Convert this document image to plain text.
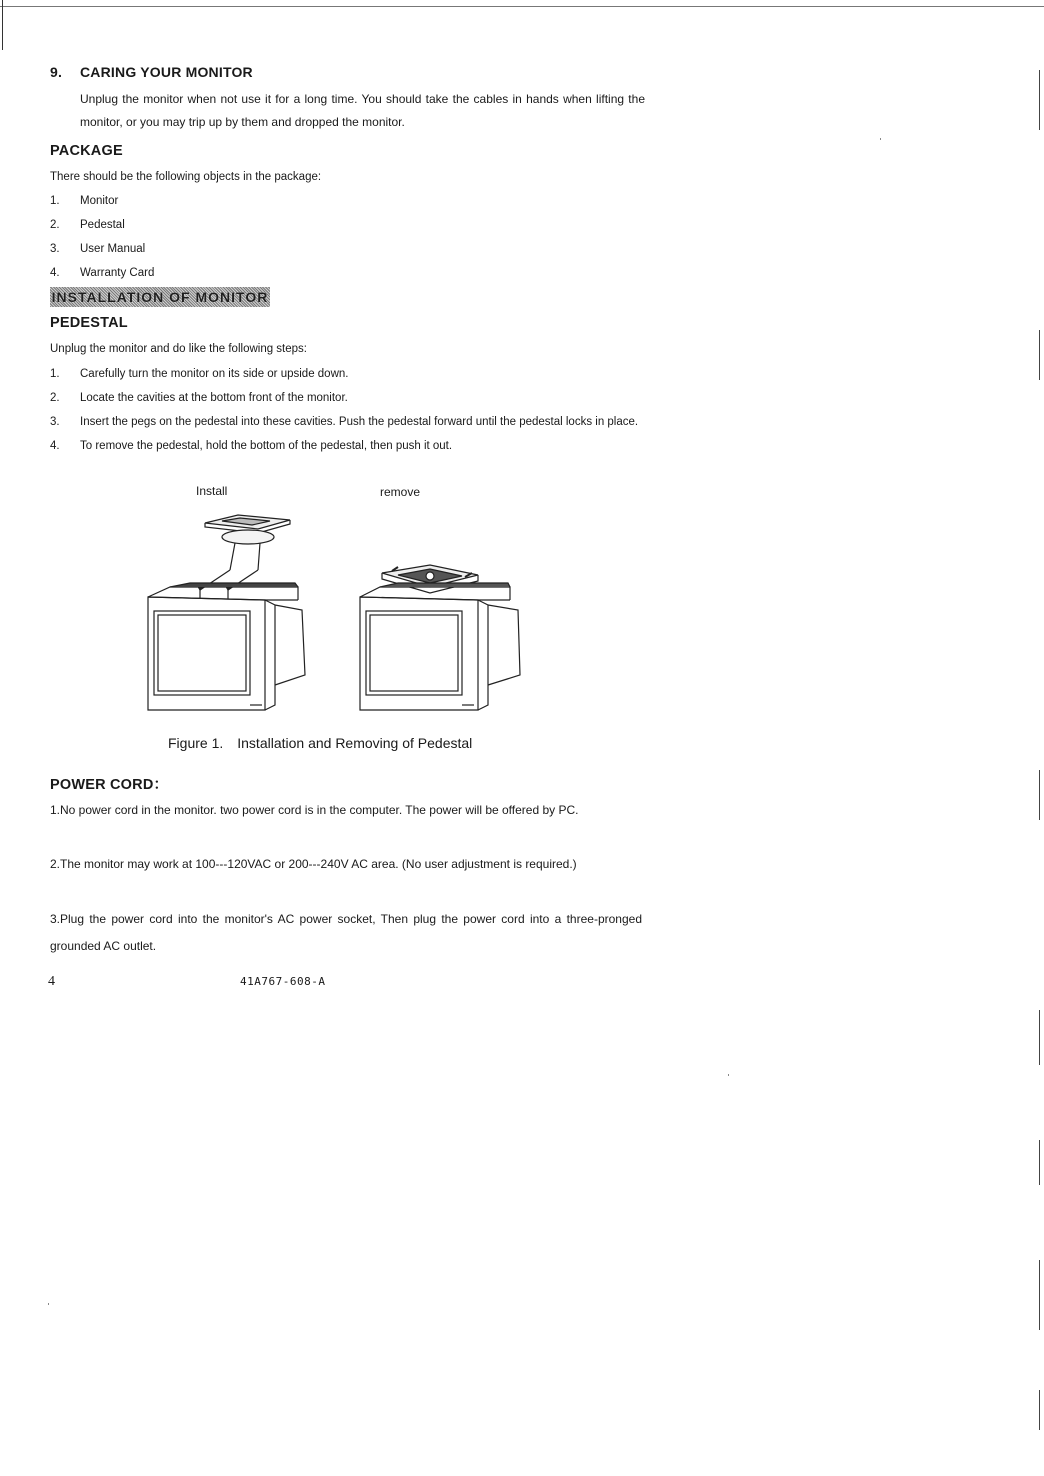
9. CARING YOUR MONITOR

Unplug the monitor when not use it for a long time. You should take the cables in hands when lifting the monitor, or you may trip up by them and dropped the monitor.

PACKAGE

There should be the following objects in the package:

1.	Monitor
2.	Pedestal
3.	User Manual
4.	Warranty Card
INSTALLATION OF MONITOR
PEDESTAL

Unplug the monitor and do like the following steps:

1.	Carefully turn the monitor on its side or upside down.
2.	Locate the cavities at the bottom front of the monitor.
3.	Insert the pegs on the pedestal into these cavities. Push the pedestal forward until the pedestal locks in place.
4.	To remove the pedestal, hold the bottom of the pedestal, then push it out.
Install	remove

Figure 1. Installation and Removing of Pedestal

POWER CORD：

1.No power cord in the monitor. two power cord is in the computer. The power will be offered by PC.

2.The monitor may work at 100---120VAC or 200---240V AC area. (No user adjustment is required.)

3.Plug the power cord into the monitor's AC power socket, Then plug the power cord into a three-pronged grounded AC outlet.

4	41A767-608-A
